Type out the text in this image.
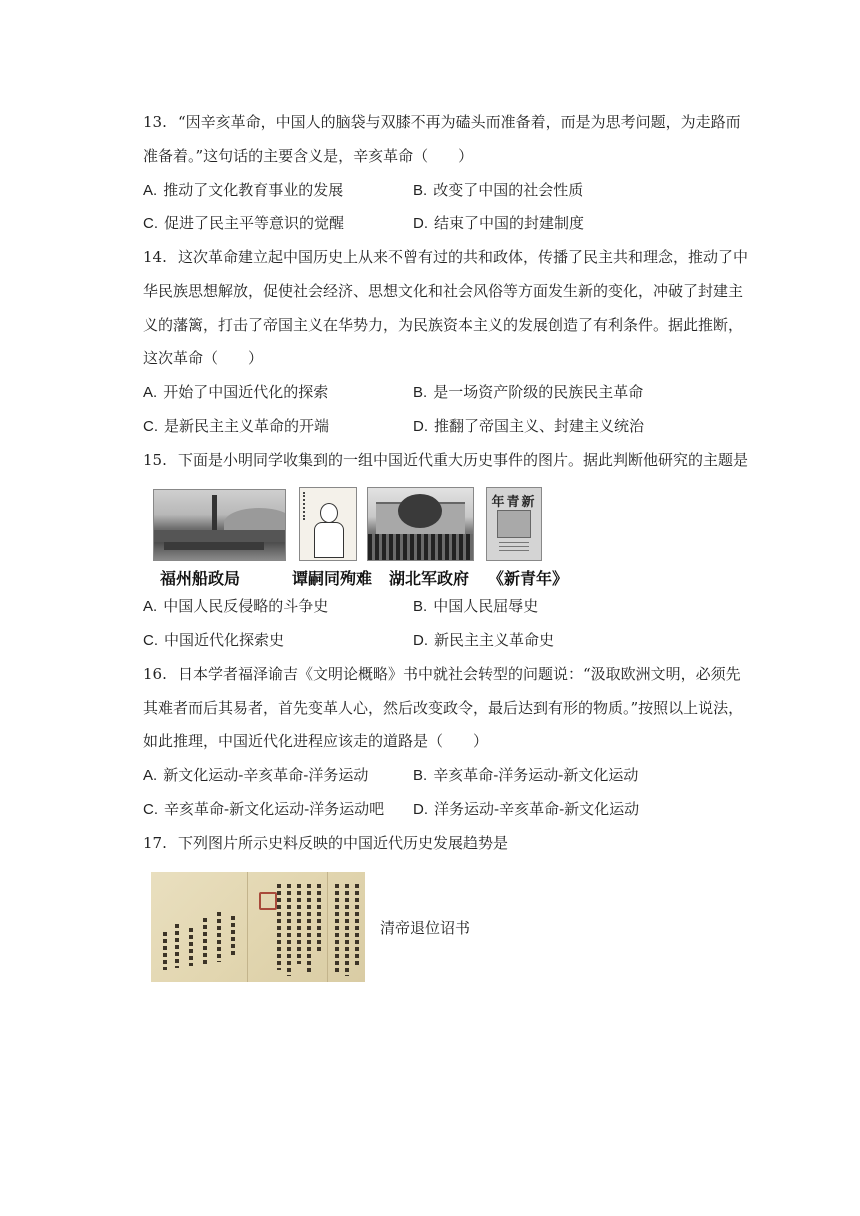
13. “因辛亥革命，中国人的脑袋与双膝不再为磕头而准备着，而是为思考问题，为走路而
准备着。”这句话的主要含义是，辛亥革命（　　）
A. 推动了文化教育事业的发展	B. 改变了中国的社会性质
C. 促进了民主平等意识的觉醒	D. 结束了中国的封建制度
14. 这次革命建立起中国历史上从来不曾有过的共和政体，传播了民主共和理念，推动了中
华民族思想解放，促使社会经济、思想文化和社会风俗等方面发生新的变化，冲破了封建主
义的藩篱，打击了帝国主义在华势力，为民族资本主义的发展创造了有利条件。据此推断，
这次革命（　　）
A. 开始了中国近代化的探索	B. 是一场资产阶级的民族民主革命
C. 是新民主主义革命的开端	D. 推翻了帝国主义、封建主义统治
15. 下面是小明同学收集到的一组中国近代重大历史事件的图片。据此判断他研究的主题是
年青新
福州船政局	谭嗣同殉难 湖北军政府 《新青年》
A. 中国人民反侵略的斗争史	B. 中国人民屈辱史
C. 中国近代化探索史	D. 新民主主义革命史
16. 日本学者福泽谕吉《文明论概略》书中就社会转型的问题说：“汲取欧洲文明，必须先
其难者而后其易者，首先变革人心，然后改变政令，最后达到有形的物质。”按照以上说法，
如此推理，中国近代化进程应该走的道路是（　　）
A. 新文化运动-辛亥革命-洋务运动	B. 辛亥革命-洋务运动-新文化运动
C. 辛亥革命-新文化运动-洋务运动吧 D. 洋务运动-辛亥革命-新文化运动
17. 下列图片所示史料反映的中国近代历史发展趋势是
清帝退位诏书
